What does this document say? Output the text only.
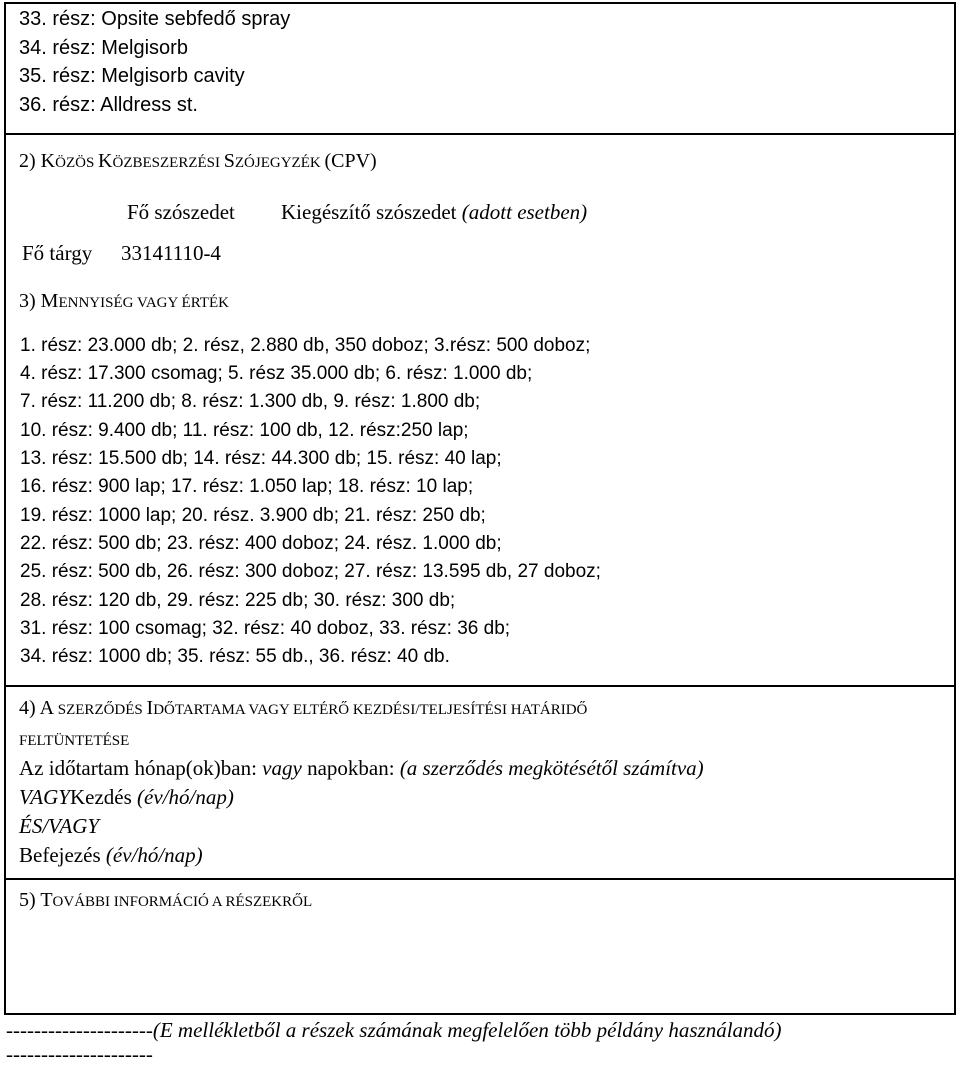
33. rész: Opsite sebfedő spray
34. rész: Melgisorb
35. rész: Melgisorb cavity
36. rész: Alldress st.
2) KÖZÖS KÖZBESZERZÉSI SZÓJEGYZÉK (CPV)
Fő szószedet Kiegészítő szószedet (adott esetben)
Fő tárgy 33141110-4
3) MENNYISÉG VAGY ÉRTÉK
1. rész: 23.000 db; 2. rész, 2.880 db, 350 doboz; 3.rész: 500 doboz;
4. rész: 17.300 csomag; 5. rész 35.000 db; 6. rész: 1.000 db;
7. rész: 11.200 db; 8. rész: 1.300 db, 9. rész: 1.800 db;
10. rész: 9.400 db; 11. rész: 100 db, 12. rész:250 lap;
13. rész: 15.500 db; 14. rész: 44.300 db; 15. rész: 40 lap;
16. rész: 900 lap; 17. rész: 1.050 lap; 18. rész: 10 lap;
19. rész: 1000 lap; 20. rész. 3.900 db; 21. rész: 250 db;
22. rész: 500 db; 23. rész: 400 doboz; 24. rész. 1.000 db;
25. rész: 500 db, 26. rész: 300 doboz; 27. rész: 13.595 db, 27 doboz;
28. rész: 120 db, 29. rész: 225 db; 30. rész: 300 db;
31. rész: 100 csomag; 32. rész: 40 doboz, 33. rész: 36 db;
34. rész: 1000 db; 35. rész: 55 db., 36. rész: 40 db.
4) A SZERZŐDÉS IDŐTARTAMA VAGY ELTÉRŐ KEZDÉSI/TELJESÍTÉSI HATÁRIDŐ
FELTÜNTETÉSE
Az időtartam hónap(ok)ban: vagy napokban: (a szerződés megkötésétől számítva)
VAGYKezdés (év/hó/nap)
ÉS/VAGY
Befejezés (év/hó/nap)
5) TOVÁBBI INFORMÁCIÓ A RÉSZEKRŐL
---------------------(E mellékletből a részek számának megfelelően több példány használandó)
---------------------
